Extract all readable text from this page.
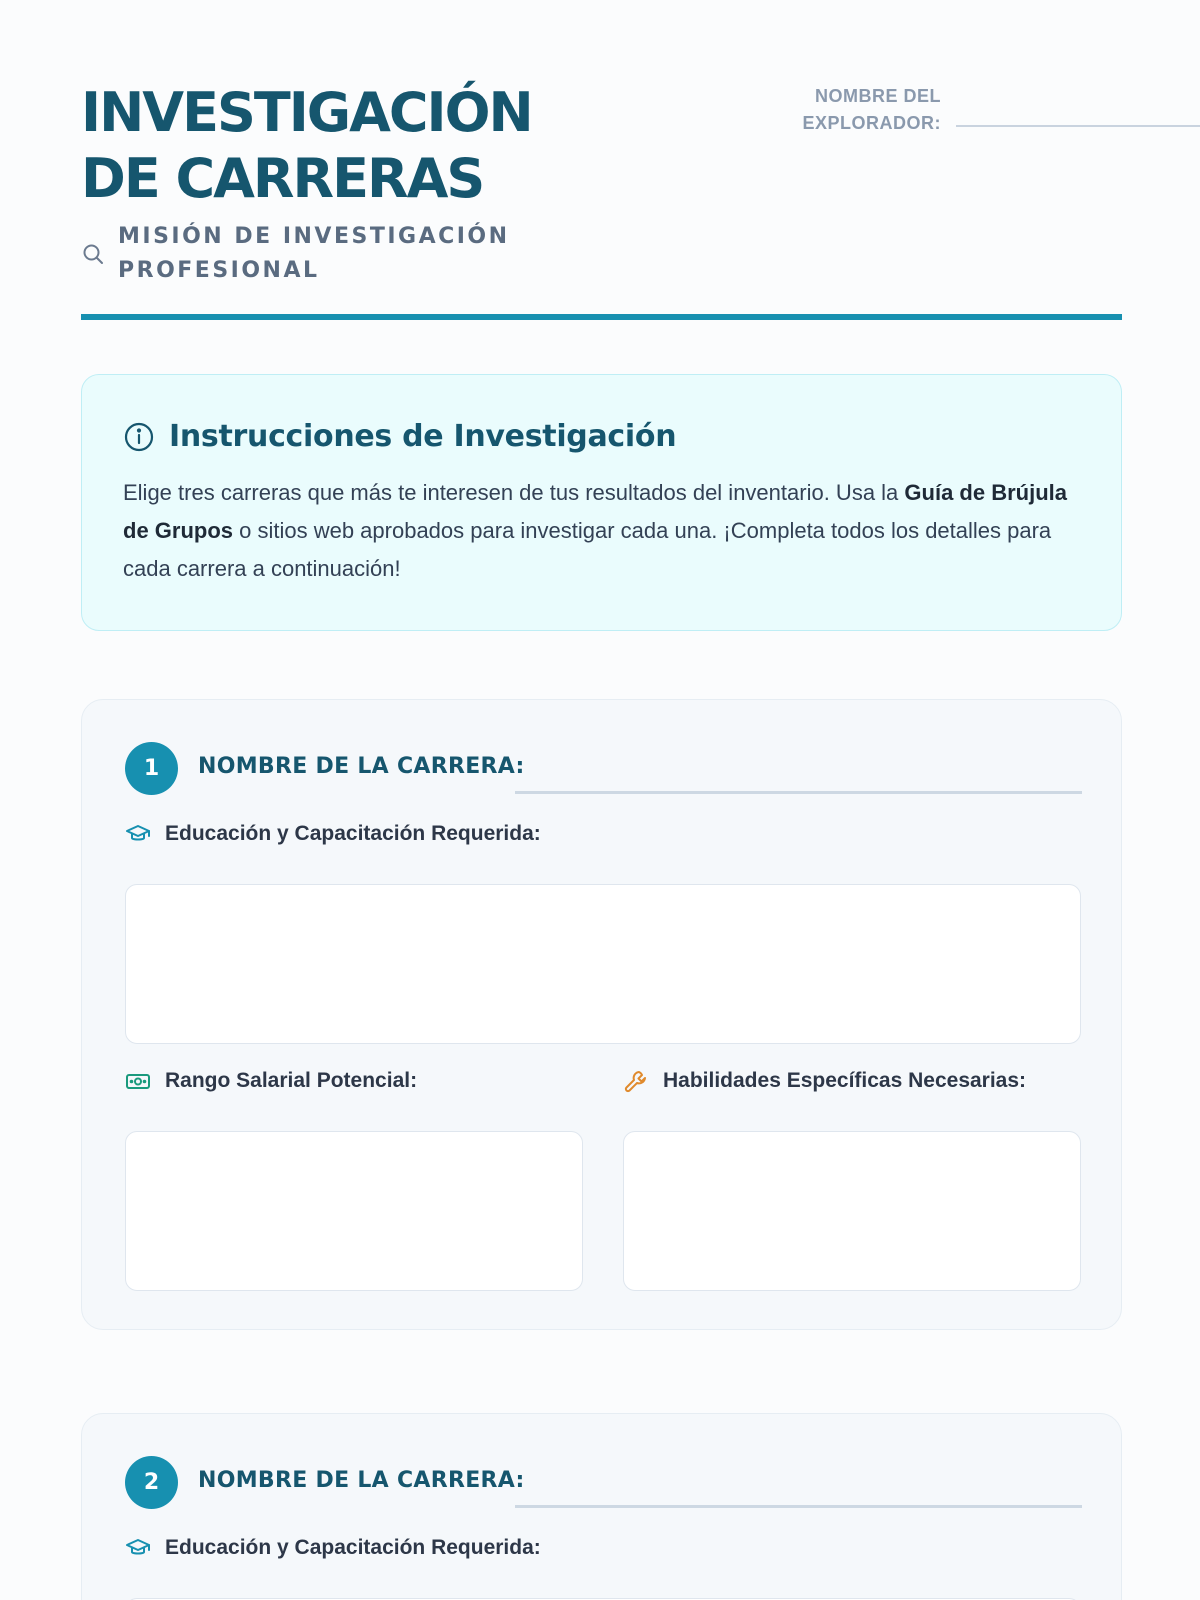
INVESTIGACIÓN
DE CARRERAS
MISIÓN DE INVESTIGACIÓN
PROFESIONAL
NOMBRE DEL
EXPLORADOR:
Instrucciones de Investigación

Elige tres carreras que más te interesen de tus resultados del inventario. Usa la Guía de Brújula de Grupos o sitios web aprobados para investigar cada una. ¡Completa todos los detalles para cada carrera a continuación!

1	NOMBRE DE LA CARRERA:
Educación y Capacitación Requerida:
Rango Salarial Potencial:	Habilidades Específicas Necesarias:
2	NOMBRE DE LA CARRERA:
Educación y Capacitación Requerida:
